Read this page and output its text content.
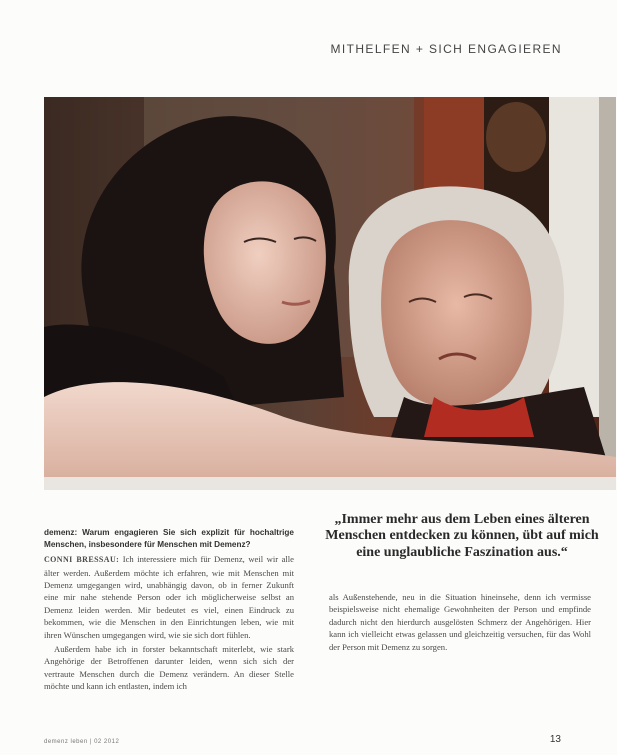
MITHELFEN + SICH ENGAGIEREN
demenz: Warum engagieren Sie sich explizit für hochaltrige Menschen, insbesondere für Menschen mit Demenz?

CONNI BRESSAU: Ich interessiere mich für Demenz, weil wir alle älter werden. Außerdem möchte ich erfahren, wie mit Menschen mit Demenz umgegangen wird, unabhängig davon, ob in ferner Zukunft eine mir nahe stehende Person oder ich möglicherweise selbst an Demenz leiden werden. Mir bedeutet es viel, einen Eindruck zu bekommen, wie die Menschen in den Einrichtungen leben, wie mit ihren Wünschen umgegangen wird, wie sie sich dort fühlen.

Außerdem habe ich in forster bekanntschaft miterlebt, wie stark Angehörige der Betroffenen darunter leiden, wenn sich sich der vertraute Menschen durch die Demenz verändern. An dieser Stelle möchte und kann ich entlasten, indem ich

„Immer mehr aus dem Leben eines älteren Menschen entdecken zu können, übt auf mich eine unglaubliche Faszination aus.“

als Außenstehende, neu in die Situation hineinsehe, denn ich vermisse beispielsweise nicht ehemalige Gewohnheiten der Person und empfinde dadurch nicht den hierdurch ausgelösten Schmerz der Angehörigen. Hier kann ich vielleicht etwas gelassen und gleichzeitig versuchen, für das Wohl der Person mit Demenz zu sorgen.

demenz leben | 02 2012	13
